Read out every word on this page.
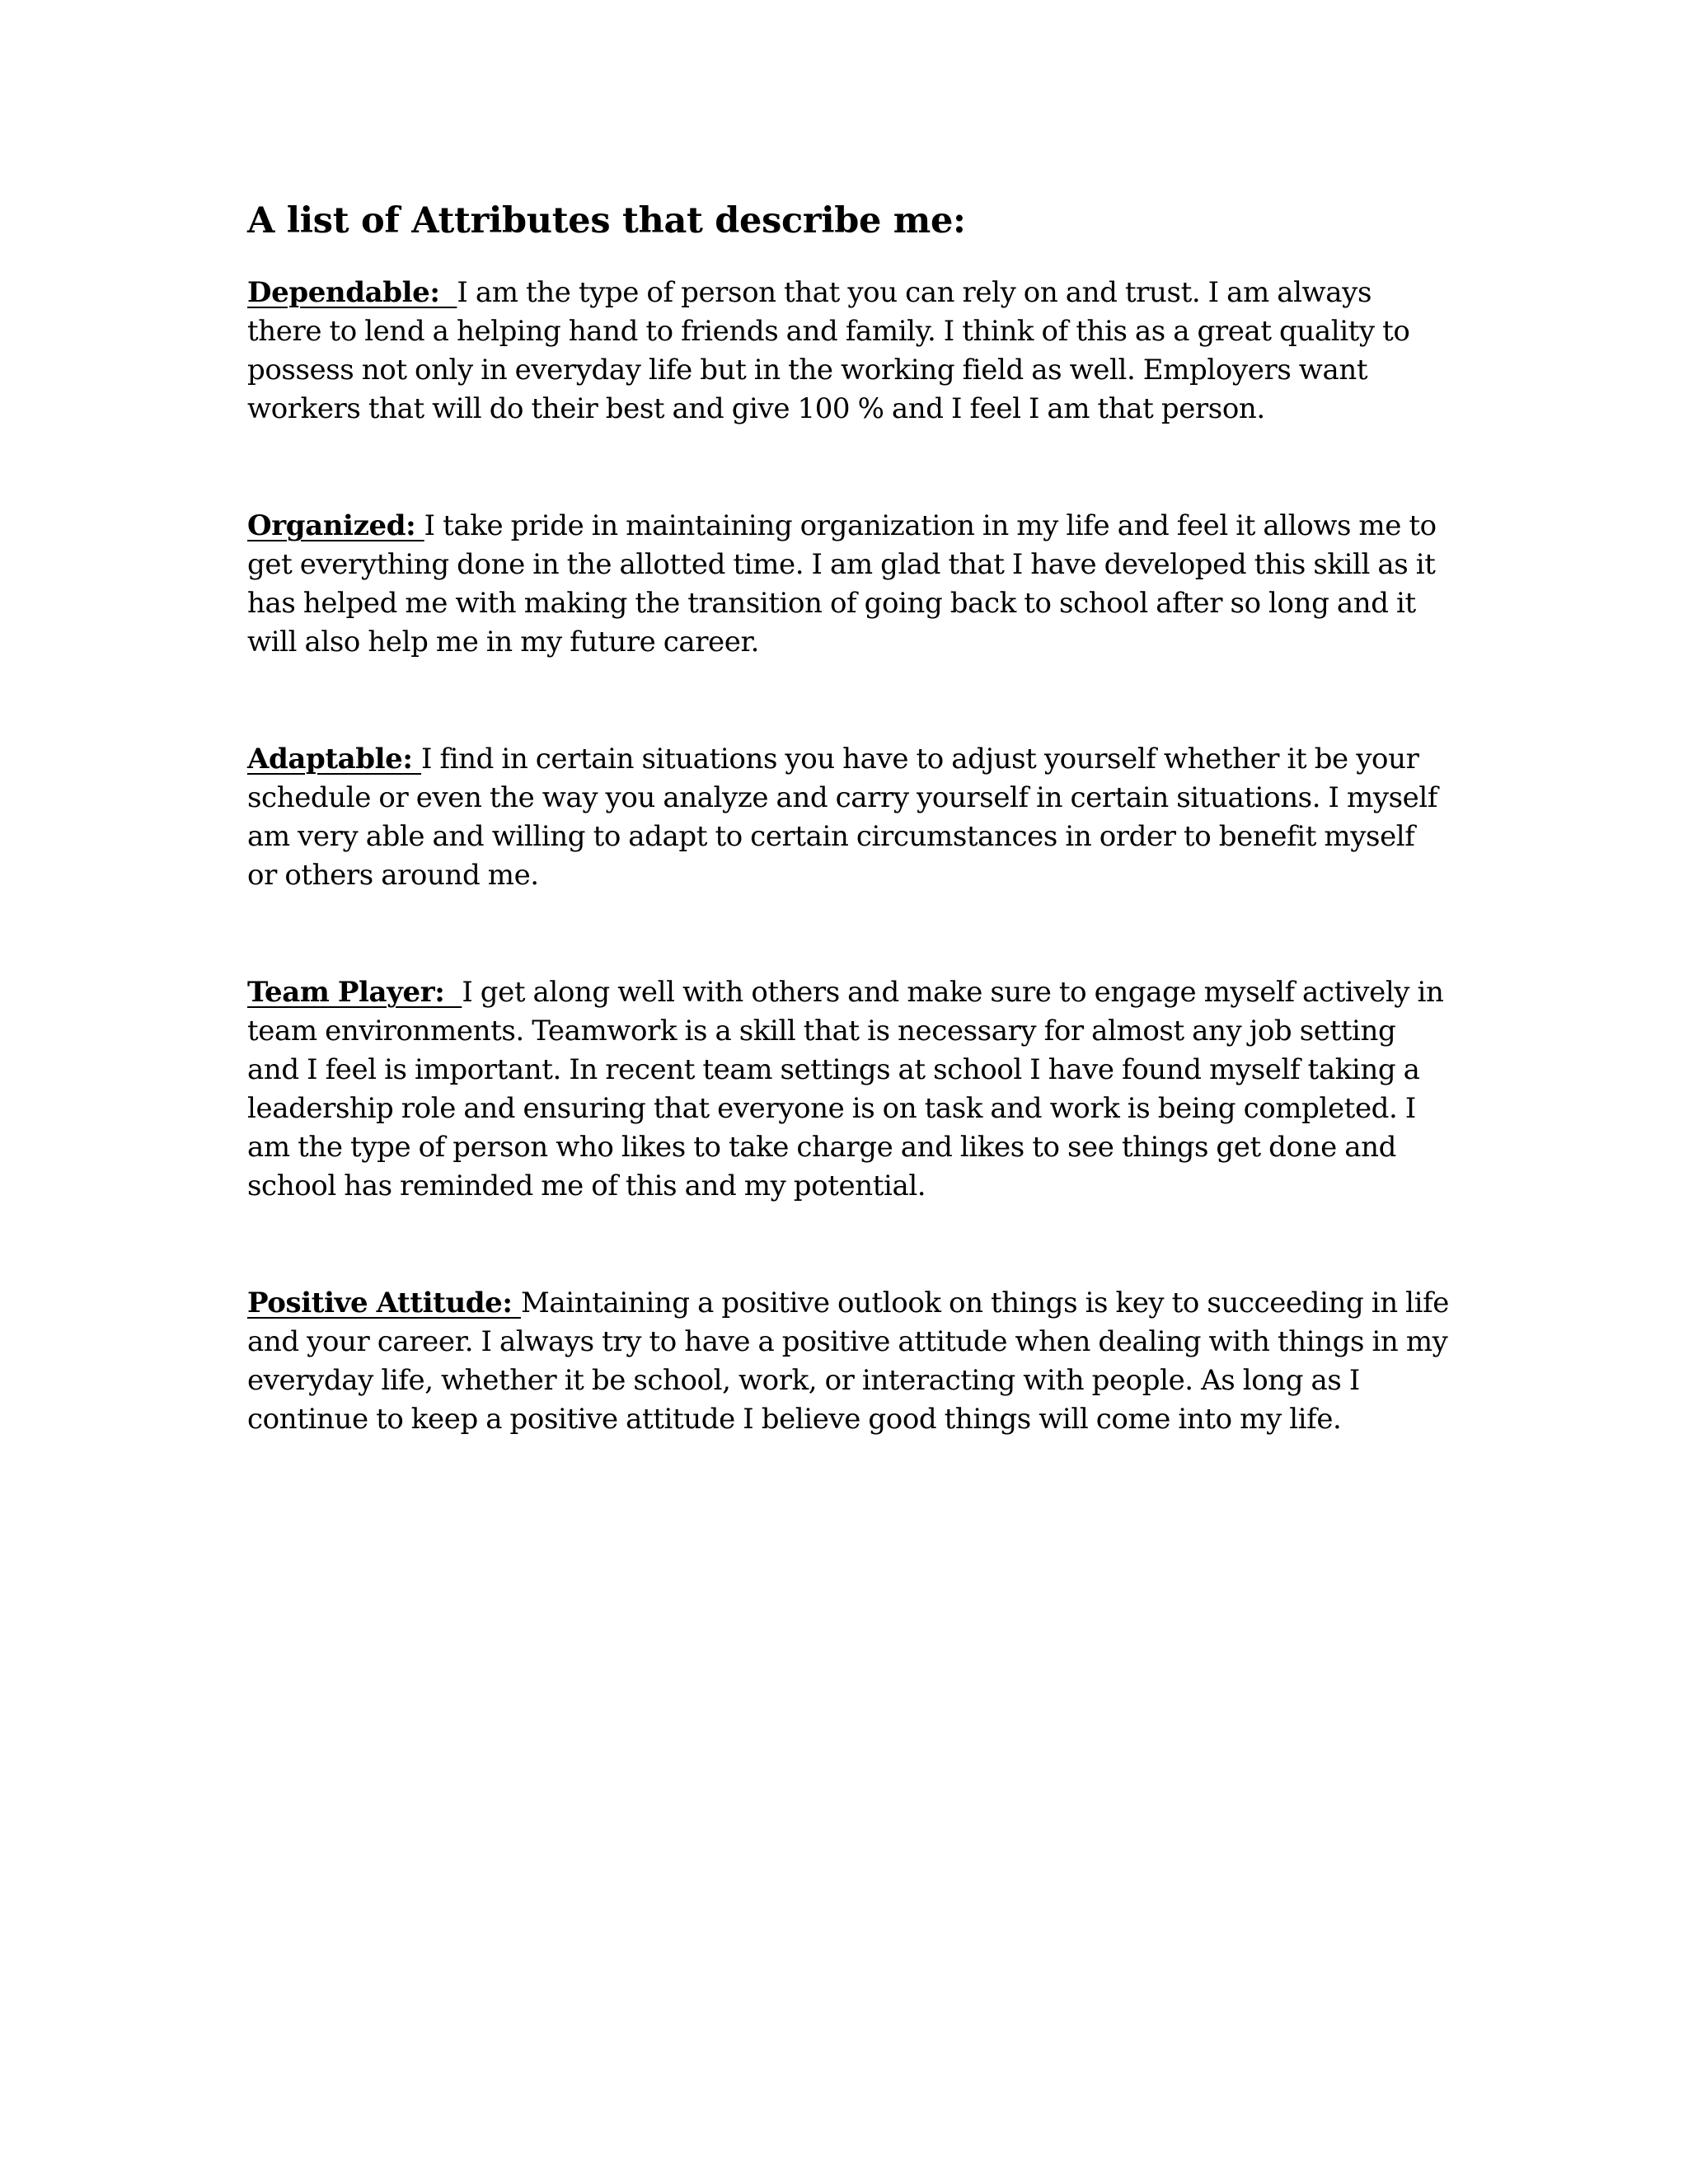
A list of Attributes that describe me:

Dependable:  I am the type of person that you can rely on and trust. I am always there to lend a helping hand to friends and family. I think of this as a great quality to possess not only in everyday life but in the working field as well. Employers want workers that will do their best and give 100 % and I feel I am that person.

Organized: I take pride in maintaining organization in my life and feel it allows me to get everything done in the allotted time. I am glad that I have developed this skill as it has helped me with making the transition of going back to school after so long and it will also help me in my future career.

Adaptable: I find in certain situations you have to adjust yourself whether it be your schedule or even the way you analyze and carry yourself in certain situations. I myself am very able and willing to adapt to certain circumstances in order to benefit myself or others around me.

Team Player:  I get along well with others and make sure to engage myself actively in team environments. Teamwork is a skill that is necessary for almost any job setting and I feel is important. In recent team settings at school I have found myself taking a leadership role and ensuring that everyone is on task and work is being completed. I am the type of person who likes to take charge and likes to see things get done and school has reminded me of this and my potential.

Positive Attitude: Maintaining a positive outlook on things is key to succeeding in life and your career. I always try to have a positive attitude when dealing with things in my everyday life, whether it be school, work, or interacting with people. As long as I continue to keep a positive attitude I believe good things will come into my life.
